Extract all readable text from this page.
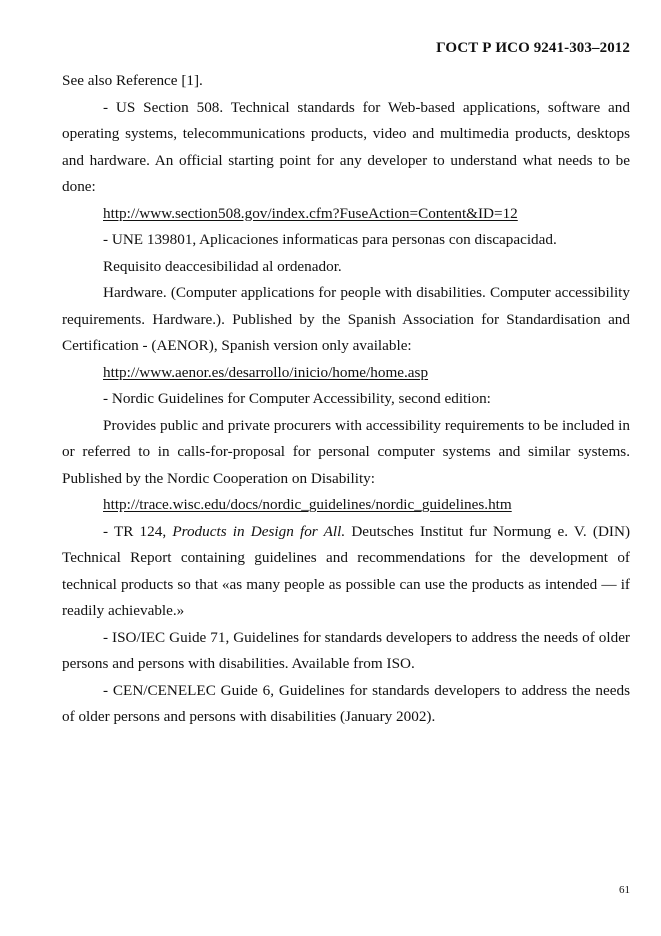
ГОСТ Р ИСО 9241-303–2012

See also Reference [1].

- US Section 508. Technical standards for Web-based applications, software and operating systems, telecommunications products, video and multimedia products, desktops and hardware. An official starting point for any developer to understand what needs to be done:

http://www.section508.gov/index.cfm?FuseAction=Content&ID=12

- UNE 139801, Aplicaciones informaticas para personas con discapacidad.

Requisito deaccesibilidad al ordenador.

Hardware. (Computer applications for people with disabilities. Computer accessibility requirements. Hardware.). Published by the Spanish Association for Standardisation and Certification - (AENOR), Spanish version only available:

http://www.aenor.es/desarrollo/inicio/home/home.asp

- Nordic Guidelines for Computer Accessibility, second edition:

Provides public and private procurers with accessibility requirements to be included in or referred to in calls-for-proposal for personal computer systems and similar systems. Published by the Nordic Cooperation on Disability:

http://trace.wisc.edu/docs/nordic_guidelines/nordic_guidelines.htm

- TR 124, Products in Design for All. Deutsches Institut fur Normung e. V. (DIN) Technical Report containing guidelines and recommendations for the development of technical products so that «as many people as possible can use the products as intended — if readily achievable.»

- ISO/IEC Guide 71, Guidelines for standards developers to address the needs of older persons and persons with disabilities. Available from ISO.

- CEN/CENELEC Guide 6, Guidelines for standards developers to address the needs of older persons and persons with disabilities (January 2002).

61
